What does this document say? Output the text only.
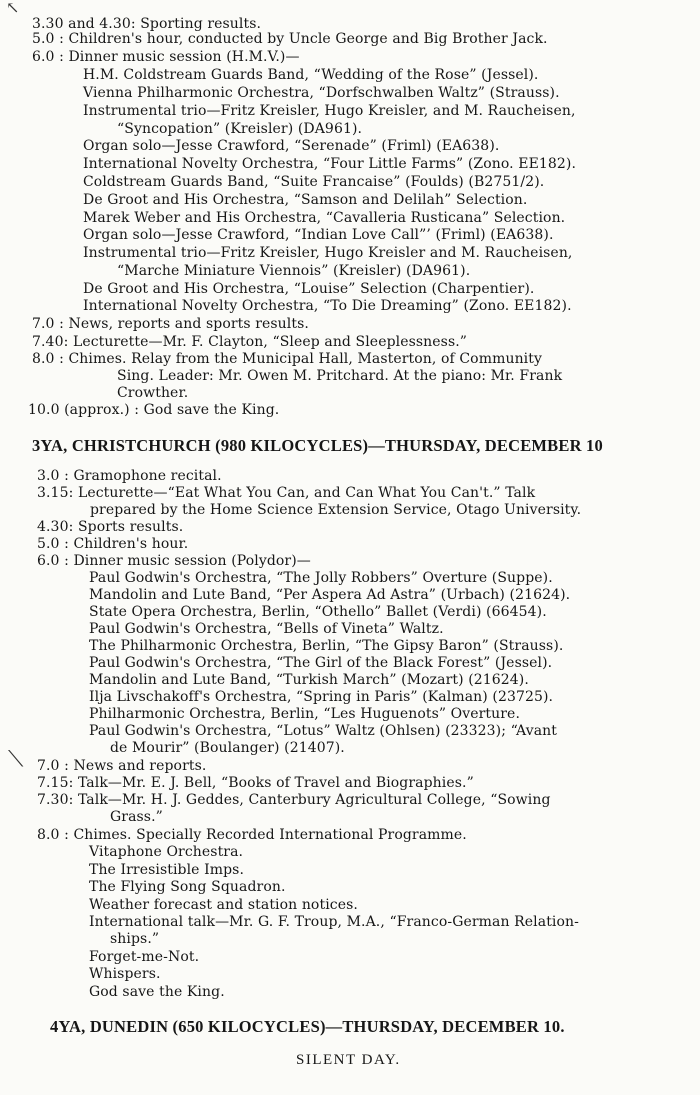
↖
⟍
3.30 and 4.30: Sporting results.
5.0 : Children's hour, conducted by Uncle George and Big Brother Jack.
6.0 : Dinner music session (H.M.V.)—
H.M. Coldstream Guards Band, “Wedding of the Rose” (Jessel).
Vienna Philharmonic Orchestra, “Dorfschwalben Waltz” (Strauss).
Instrumental trio—Fritz Kreisler, Hugo Kreisler, and M. Raucheisen,
“Syncopation” (Kreisler) (DA961).
Organ solo—Jesse Crawford, “Serenade” (Friml) (EA638).
International Novelty Orchestra, “Four Little Farms” (Zono. EE182).
Coldstream Guards Band, “Suite Francaise” (Foulds) (B2751/2).
De Groot and His Orchestra, “Samson and Delilah” Selection.
Marek Weber and His Orchestra, “Cavalleria Rusticana” Selection.
Organ solo—Jesse Crawford, “Indian Love Call”’ (Friml) (EA638).
Instrumental trio—Fritz Kreisler, Hugo Kreisler and M. Raucheisen,
“Marche Miniature Viennois” (Kreisler) (DA961).
De Groot and His Orchestra, “Louise” Selection (Charpentier).
International Novelty Orchestra, “To Die Dreaming” (Zono. EE182).
7.0 : News, reports and sports results.
7.40: Lecturette—Mr. F. Clayton, “Sleep and Sleeplessness.”
8.0 : Chimes. Relay from the Municipal Hall, Masterton, of Community
Sing. Leader: Mr. Owen M. Pritchard. At the piano: Mr. Frank
Crowther.
10.0 (approx.) : God save the King.
3YA, CHRISTCHURCH (980 KILOCYCLES)—THURSDAY, DECEMBER 10
3.0 : Gramophone recital.
3.15: Lecturette—“Eat What You Can, and Can What You Can't.” Talk
prepared by the Home Science Extension Service, Otago University.
4.30: Sports results.
5.0 : Children's hour.
6.0 : Dinner music session (Polydor)—
Paul Godwin's Orchestra, “The Jolly Robbers” Overture (Suppe).
Mandolin and Lute Band, “Per Aspera Ad Astra” (Urbach) (21624).
State Opera Orchestra, Berlin, “Othello” Ballet (Verdi) (66454).
Paul Godwin's Orchestra, “Bells of Vineta” Waltz.
The Philharmonic Orchestra, Berlin, “The Gipsy Baron” (Strauss).
Paul Godwin's Orchestra, “The Girl of the Black Forest” (Jessel).
Mandolin and Lute Band, “Turkish March” (Mozart) (21624).
Ilja Livschakoff's Orchestra, “Spring in Paris” (Kalman) (23725).
Philharmonic Orchestra, Berlin, “Les Huguenots” Overture.
Paul Godwin's Orchestra, “Lotus” Waltz (Ohlsen) (23323); “Avant
de Mourir” (Boulanger) (21407).
7.0 : News and reports.
7.15: Talk—Mr. E. J. Bell, “Books of Travel and Biographies.”
7.30: Talk—Mr. H. J. Geddes, Canterbury Agricultural College, “Sowing
Grass.”
8.0 : Chimes. Specially Recorded International Programme.
Vitaphone Orchestra.
The Irresistible Imps.
The Flying Song Squadron.
Weather forecast and station notices.
International talk—Mr. G. F. Troup, M.A., “Franco-German Relation-
ships.”
Forget-me-Not.
Whispers.
God save the King.
4YA, DUNEDIN (650 KILOCYCLES)—THURSDAY, DECEMBER 10.
SILENT DAY.
